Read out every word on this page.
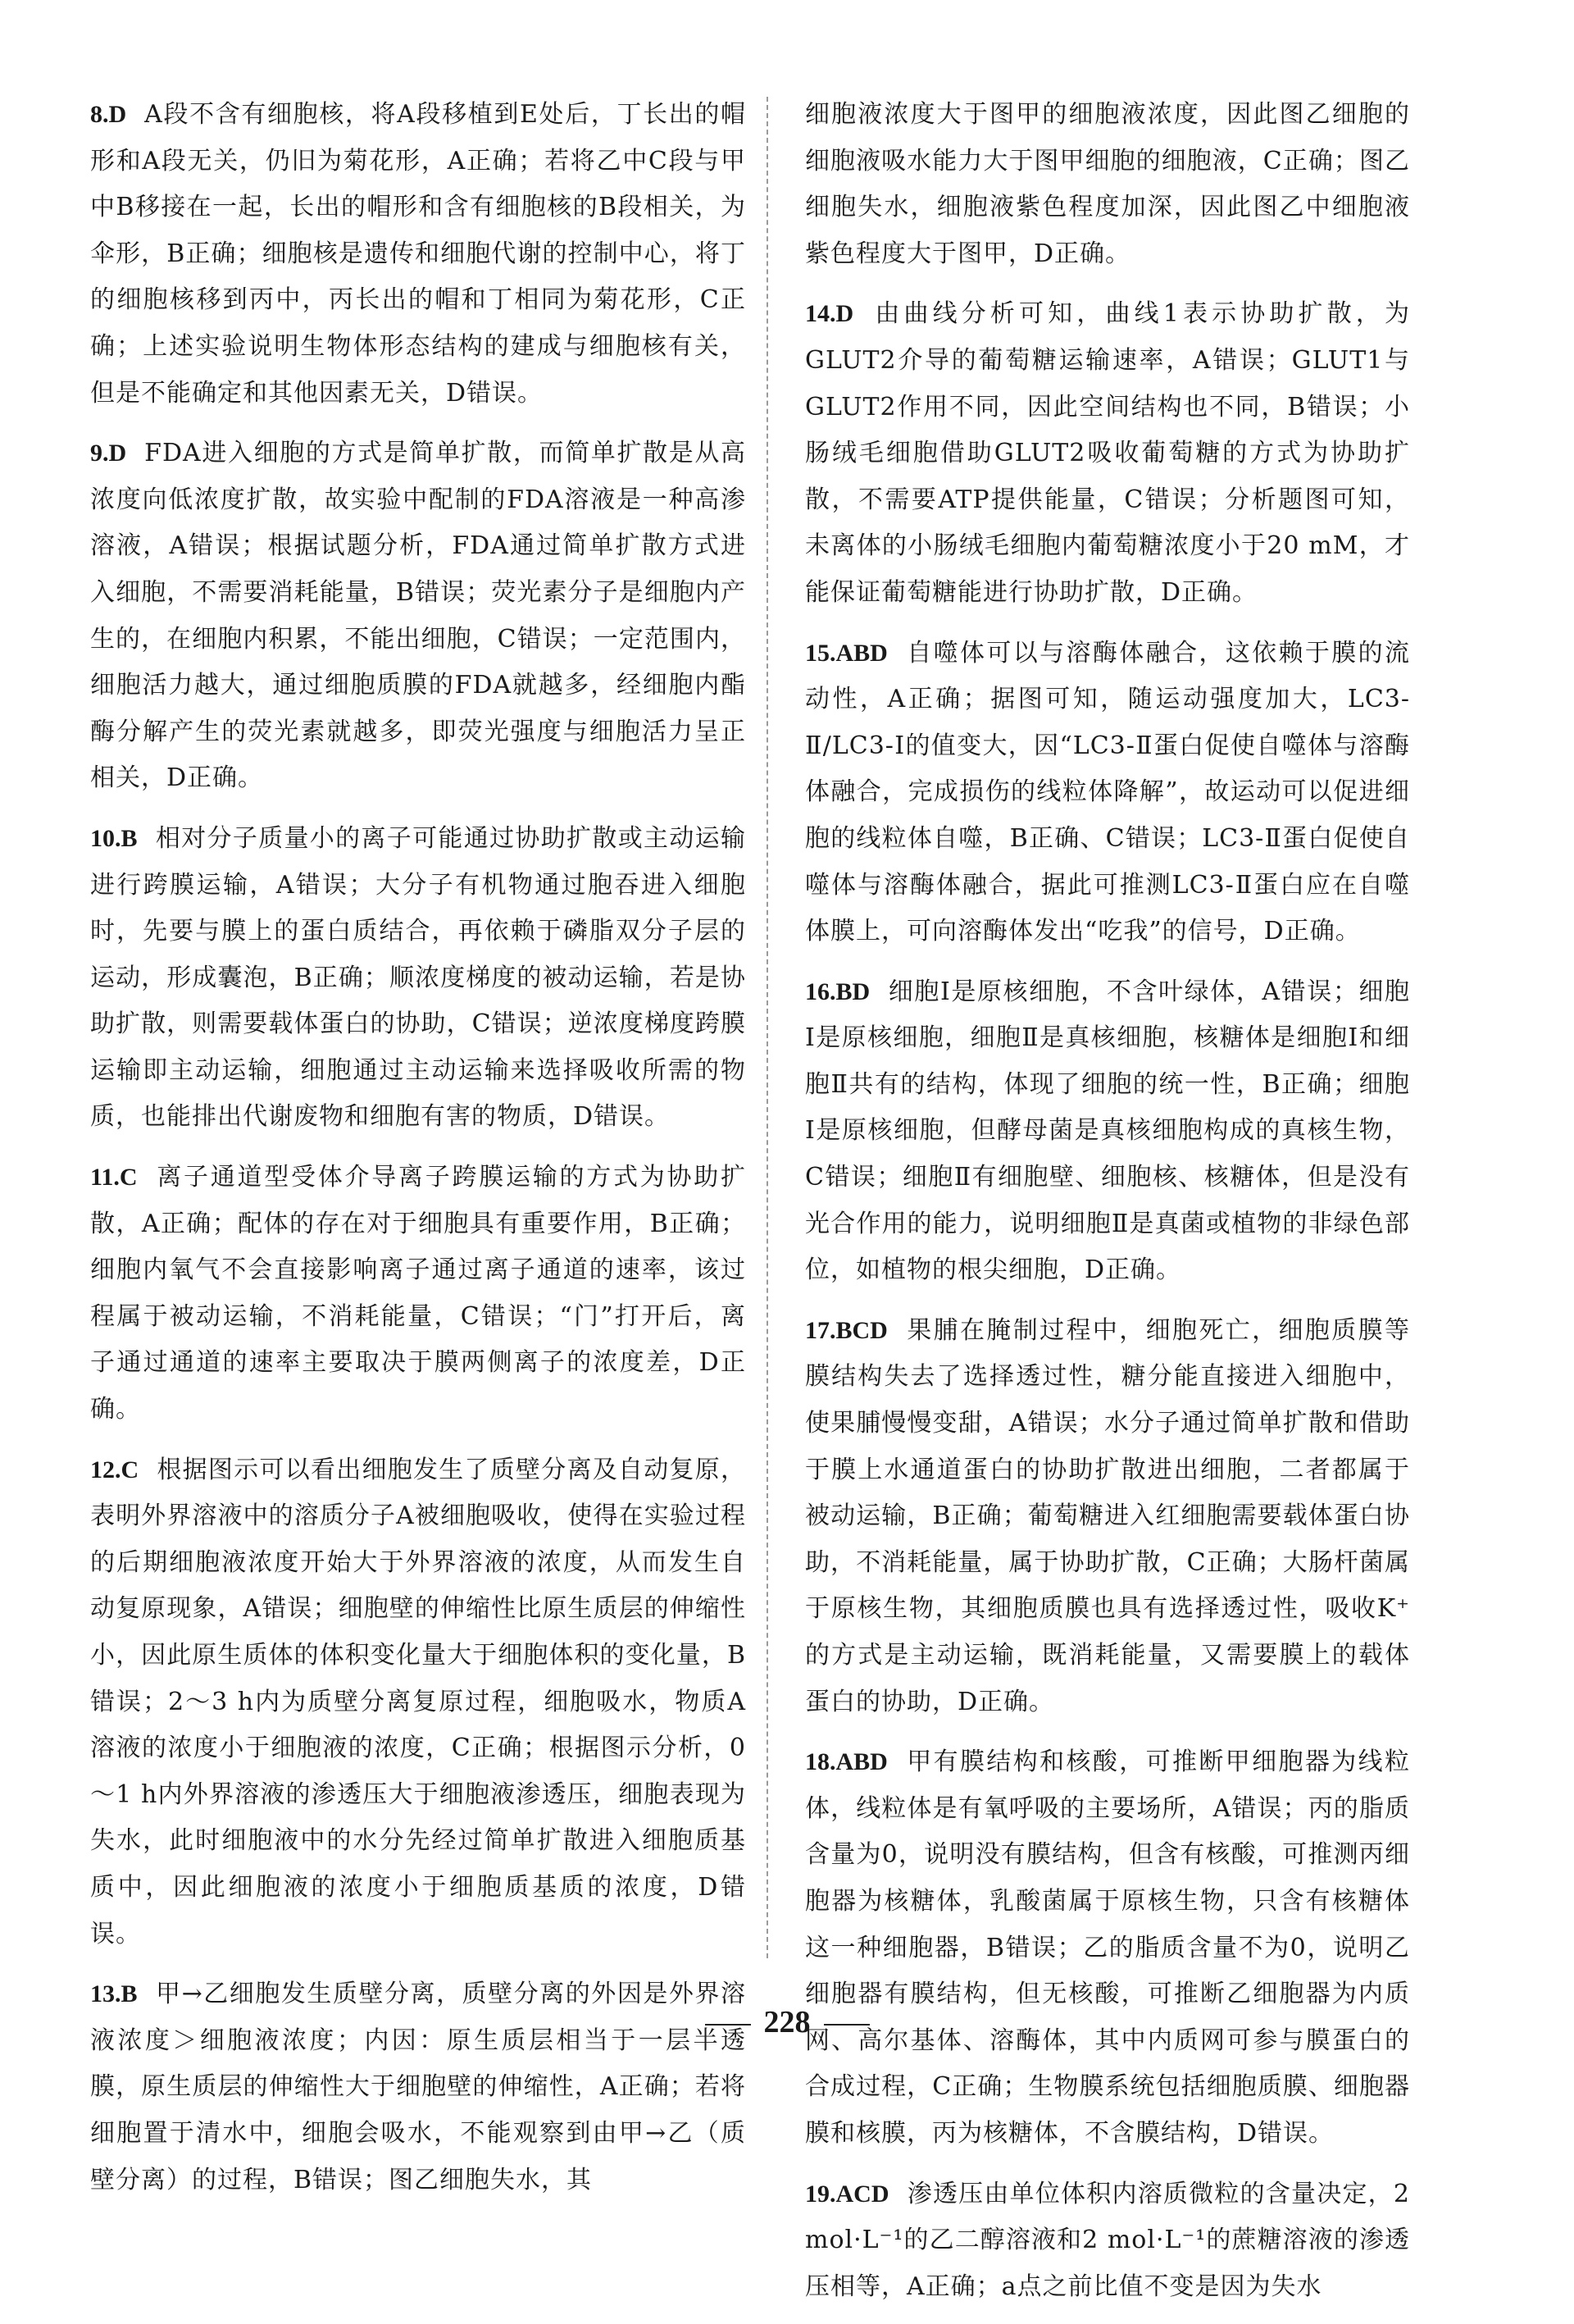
8.D A段不含有细胞核，将A段移植到E处后，丁长出的帽形和A段无关，仍旧为菊花形，A正确；若将乙中C段与甲中B移接在一起，长出的帽形和含有细胞核的B段相关，为伞形，B正确；细胞核是遗传和细胞代谢的控制中心，将丁的细胞核移到丙中，丙长出的帽和丁相同为菊花形，C正确；上述实验说明生物体形态结构的建成与细胞核有关，但是不能确定和其他因素无关，D错误。

9.D FDA进入细胞的方式是简单扩散，而简单扩散是从高浓度向低浓度扩散，故实验中配制的FDA溶液是一种高渗溶液，A错误；根据试题分析，FDA通过简单扩散方式进入细胞，不需要消耗能量，B错误；荧光素分子是细胞内产生的，在细胞内积累，不能出细胞，C错误；一定范围内，细胞活力越大，通过细胞质膜的FDA就越多，经细胞内酯酶分解产生的荧光素就越多，即荧光强度与细胞活力呈正相关，D正确。

10.B 相对分子质量小的离子可能通过协助扩散或主动运输进行跨膜运输，A错误；大分子有机物通过胞吞进入细胞时，先要与膜上的蛋白质结合，再依赖于磷脂双分子层的运动，形成囊泡，B正确；顺浓度梯度的被动运输，若是协助扩散，则需要载体蛋白的协助，C错误；逆浓度梯度跨膜运输即主动运输，细胞通过主动运输来选择吸收所需的物质，也能排出代谢废物和细胞有害的物质，D错误。

11.C 离子通道型受体介导离子跨膜运输的方式为协助扩散，A正确；配体的存在对于细胞具有重要作用，B正确；细胞内氧气不会直接影响离子通过离子通道的速率，该过程属于被动运输，不消耗能量，C错误；“门”打开后，离子通过通道的速率主要取决于膜两侧离子的浓度差，D正确。

12.C 根据图示可以看出细胞发生了质壁分离及自动复原，表明外界溶液中的溶质分子A被细胞吸收，使得在实验过程的后期细胞液浓度开始大于外界溶液的浓度，从而发生自动复原现象，A错误；细胞壁的伸缩性比原生质层的伸缩性小，因此原生质体的体积变化量大于细胞体积的变化量，B错误；2～3 h内为质壁分离复原过程，细胞吸水，物质A溶液的浓度小于细胞液的浓度，C正确；根据图示分析，0～1 h内外界溶液的渗透压大于细胞液渗透压，细胞表现为失水，此时细胞液中的水分先经过简单扩散进入细胞质基质中，因此细胞液的浓度小于细胞质基质的浓度，D错误。

13.B 甲→乙细胞发生质壁分离，质壁分离的外因是外界溶液浓度＞细胞液浓度；内因：原生质层相当于一层半透膜，原生质层的伸缩性大于细胞壁的伸缩性，A正确；若将细胞置于清水中，细胞会吸水，不能观察到由甲→乙（质壁分离）的过程，B错误；图乙细胞失水，其

细胞液浓度大于图甲的细胞液浓度，因此图乙细胞的细胞液吸水能力大于图甲细胞的细胞液，C正确；图乙细胞失水，细胞液紫色程度加深，因此图乙中细胞液紫色程度大于图甲，D正确。

14.D 由曲线分析可知，曲线1表示协助扩散，为GLUT2介导的葡萄糖运输速率，A错误；GLUT1与GLUT2作用不同，因此空间结构也不同，B错误；小肠绒毛细胞借助GLUT2吸收葡萄糖的方式为协助扩散，不需要ATP提供能量，C错误；分析题图可知，未离体的小肠绒毛细胞内葡萄糖浓度小于20 mM，才能保证葡萄糖能进行协助扩散，D正确。

15.ABD 自噬体可以与溶酶体融合，这依赖于膜的流动性，A正确；据图可知，随运动强度加大，LC3-Ⅱ/LC3-Ⅰ的值变大，因“LC3-Ⅱ蛋白促使自噬体与溶酶体融合，完成损伤的线粒体降解”，故运动可以促进细胞的线粒体自噬，B正确、C错误；LC3-Ⅱ蛋白促使自噬体与溶酶体融合，据此可推测LC3-Ⅱ蛋白应在自噬体膜上，可向溶酶体发出“吃我”的信号，D正确。

16.BD 细胞Ⅰ是原核细胞，不含叶绿体，A错误；细胞Ⅰ是原核细胞，细胞Ⅱ是真核细胞，核糖体是细胞Ⅰ和细胞Ⅱ共有的结构，体现了细胞的统一性，B正确；细胞Ⅰ是原核细胞，但酵母菌是真核细胞构成的真核生物，C错误；细胞Ⅱ有细胞壁、细胞核、核糖体，但是没有光合作用的能力，说明细胞Ⅱ是真菌或植物的非绿色部位，如植物的根尖细胞，D正确。

17.BCD 果脯在腌制过程中，细胞死亡，细胞质膜等膜结构失去了选择透过性，糖分能直接进入细胞中，使果脯慢慢变甜，A错误；水分子通过简单扩散和借助于膜上水通道蛋白的协助扩散进出细胞，二者都属于被动运输，B正确；葡萄糖进入红细胞需要载体蛋白协助，不消耗能量，属于协助扩散，C正确；大肠杆菌属于原核生物，其细胞质膜也具有选择透过性，吸收K⁺的方式是主动运输，既消耗能量，又需要膜上的载体蛋白的协助，D正确。

18.ABD 甲有膜结构和核酸，可推断甲细胞器为线粒体，线粒体是有氧呼吸的主要场所，A错误；丙的脂质含量为0，说明没有膜结构，但含有核酸，可推测丙细胞器为核糖体，乳酸菌属于原核生物，只含有核糖体这一种细胞器，B错误；乙的脂质含量不为0，说明乙细胞器有膜结构，但无核酸，可推断乙细胞器为内质网、高尔基体、溶酶体，其中内质网可参与膜蛋白的合成过程，C正确；生物膜系统包括细胞质膜、细胞器膜和核膜，丙为核糖体，不含膜结构，D错误。

19.ACD 渗透压由单位体积内溶质微粒的含量决定，2 mol·L⁻¹的乙二醇溶液和2 mol·L⁻¹的蔗糖溶液的渗透压相等，A正确；a点之前比值不变是因为失水

228
